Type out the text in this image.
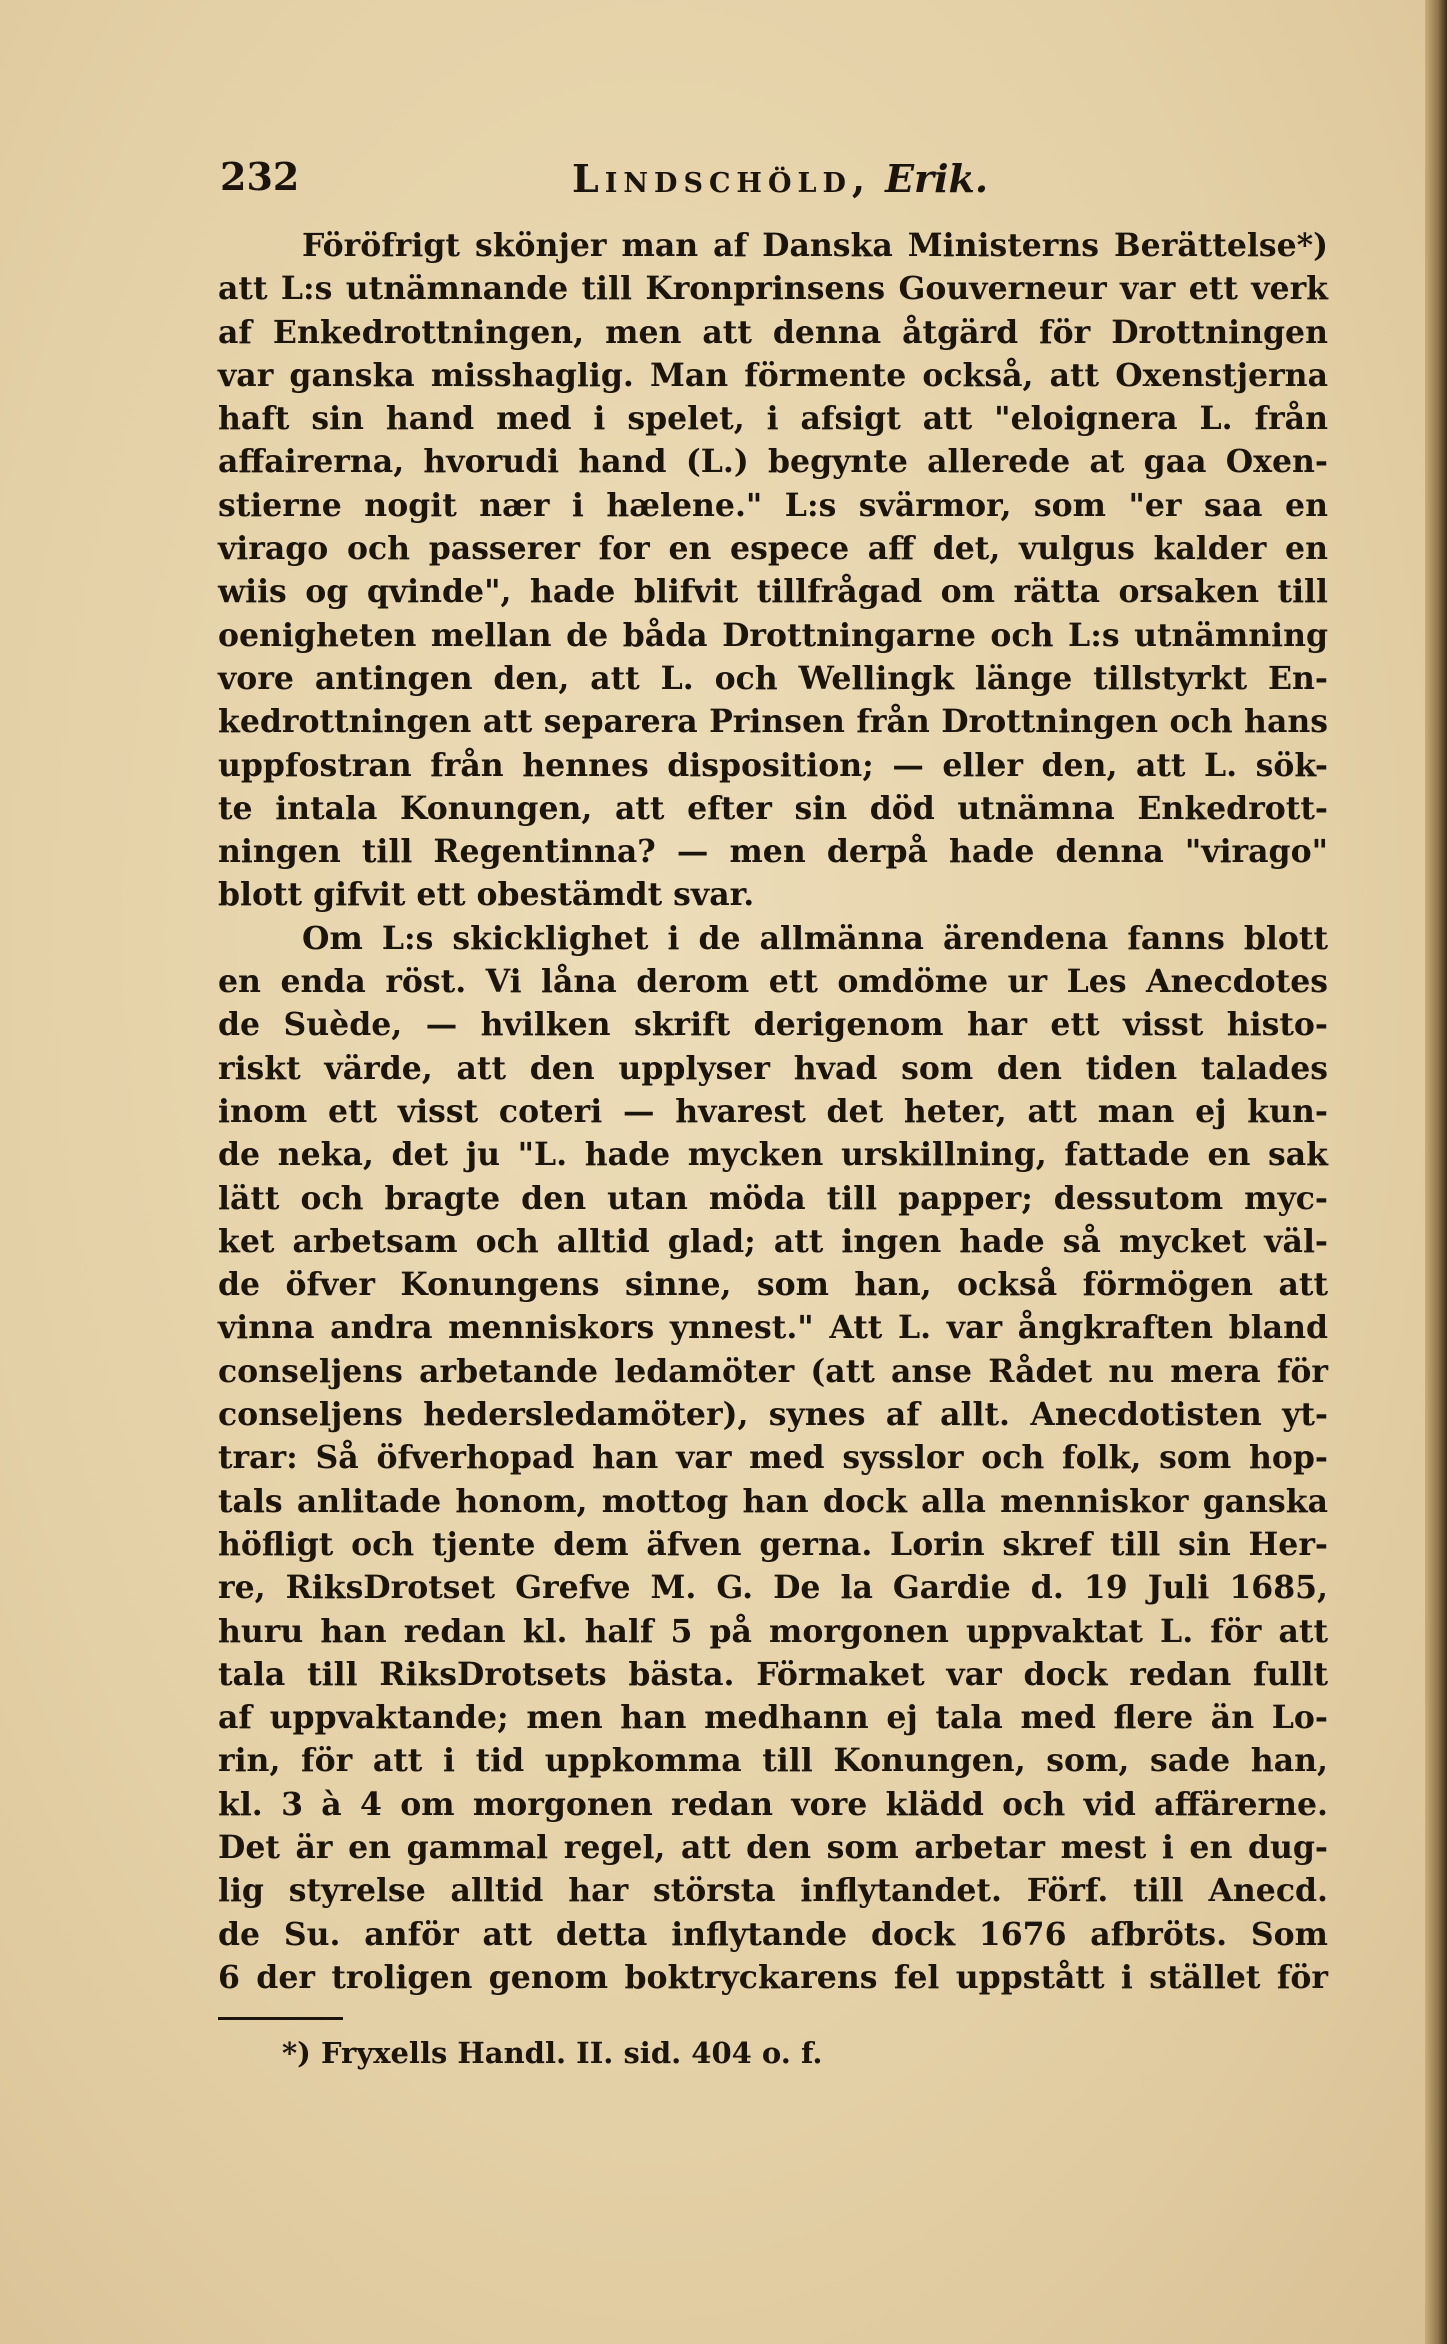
232	Lindschöld, Erik.
Föröfrigt skönjer man af Danska Ministerns Berättelse*)
att L:s utnämnande till Kronprinsens Gouverneur var ett verk
af Enkedrottningen, men att denna åtgärd för Drottningen
var ganska misshaglig. Man förmente också, att Oxenstjerna
haft sin hand med i spelet, i afsigt att "eloignera L. från
affairerna, hvorudi hand (L.) begynte allerede at gaa Oxen-
stierne nogit nær i hælene." L:s svärmor, som "er saa en
virago och passerer for en especе aff det, vulgus kalder en
wiis og qvinde", hade blifvit tillfrågad om rätta orsaken till
oenigheten mellan de båda Drottningarne och L:s utnämning
vore antingen den, att L. och Wellingk länge tillstyrkt En-
kedrottningen att separera Prinsen från Drottningen och hans
uppfostran från hennes disposition; — eller den, att L. sök-
te intala Konungen, att efter sin död utnämna Enkedrott-
ningen till Regentinna? — men derpå hade denna "virago"
blott gifvit ett obestämdt svar.
Om L:s skicklighet i de allmänna ärendena fanns blott
en enda röst. Vi låna derom ett omdöme ur Les Anecdotes
de Suède, — hvilken skrift derigenom har ett visst histo-
riskt värde, att den upplyser hvad som den tiden talades
inom ett visst coteri — hvarest det heter, att man ej kun-
de neka, det ju "L. hade mycken urskillning, fattade en sak
lätt och bragte den utan möda till papper; dessutom myc-
ket arbetsam och alltid glad; att ingen hade så mycket väl-
de öfver Konungens sinne, som han, också förmögen att
vinna andra menniskors ynnest." Att L. var ångkraften bland
conseljens arbetande ledamöter (att anse Rådet nu mera för
conseljens hedersledamöter), synes af allt. Anecdotisten yt-
trar: Så öfverhopad han var med sysslor och folk, som hop-
tals anlitade honom, mottog han dock alla menniskor ganska
höfligt och tjente dem äfven gerna. Lorin skref till sin Her-
re, RiksDrotset Grefve M. G. De la Gardie d. 19 Juli 1685,
huru han redan kl. half 5 på morgonen uppvaktat L. för att
tala till RiksDrotsets bästa. Förmaket var dock redan fullt
af uppvaktande; men han medhann ej tala med flere än Lo-
rin, för att i tid uppkomma till Konungen, som, sade han,
kl. 3 à 4 om morgonen redan vore klädd och vid affärerne.
Det är en gammal regel, att den som arbetar mest i en dug-
lig styrelse alltid har största inflytandet. Förf. till Anecd.
de Su. anför att detta inflytande dock 1676 afbröts. Som
6 der troligen genom boktryckarens fel uppstått i stället för
*) Fryxells Handl. II. sid. 404 o. f.
